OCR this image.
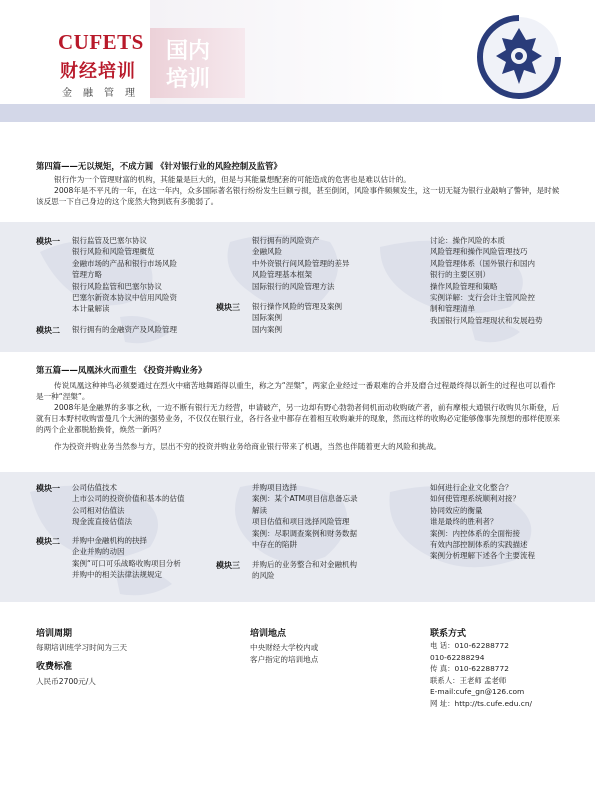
CUFETS
财经培训
金融管理
国内
培训
第四篇——无以规矩，不成方圆 《针对银行业的风险控制及监管》
银行作为一个管理财富的机构，其能量是巨大的，但是与其能量想配套的可能造成的危害也是难以估计的。
2008年是不平凡的一年，在这一年内，众多国际著名银行纷纷发生巨额亏损，甚至倒闭，风险事件频频发生，这一切无疑为银行业敲响了警钟，是时候该反思一下自己身边的这个庞然大物到底有多脆弱了。
模块一 银行监管及巴塞尔协议
银行风险和风险管理概览
金融市场的产品和银行市场风险
管理方略
银行风险监管和巴塞尔协议
巴塞尔新资本协议中信用风险资
本计量解读
模块二 银行拥有的金融资产及风险管理
银行拥有的风险资产
金融风险
中外资银行间风险管理的差异
风险管理基本框架
国际银行的风险管理方法
模块三 银行操作风险的管理及案例
国际案例
国内案例
讨论：操作风险的本质
风险管理和操作风险管理技巧
风险管理体系（国外银行和国内
银行的主要区别）
操作风险管理和策略
实例详解：支行会计主管风险控
制和管理清单
我国银行风险管理现状和发展趋势
第五篇——凤凰沐火而重生 《投资并购业务》
传说凤凰这种神鸟必须要通过在烈火中痛苦地舞蹈得以重生，称之为“涅槃”，两家企业经过一番艰难的合并及磨合过程最终得以新生的过程也可以看作是一种“涅槃”。
2008年是金融界的多事之秋，一边不断有银行无力经营，申请破产，另一边却有野心勃勃者伺机而动收购破产者，前有摩根大通银行收购贝尔斯登，后就有日本野村收购雷曼几个大洲的强势业务，不仅仅在银行业，各行各业中都存在着相互收购兼并的现象，然而这样的收购必定能够像事先预想的那样使原来的两个企业都脱胎换骨，焕然一新吗？
作为投资并购业务当然参与方，层出不穷的投资并购业务给商业银行带来了机遇，当然也伴随着更大的风险和挑战。
模块一 公司估值技术
上市公司的投资价值和基本的估值
公司相对估值法
现金流直接估值法
模块二 并购中金融机构的抉择
企业并购的动因
案例“可口可乐战略收购项目分析
并购中的相关法律法规规定
并购项目选择
案例：某个ATM项目信息备忘录
解读
项目估值和项目选择风险管理
案例：尽职调查案例和财务数据
中存在的陷阱
模块三 并购后的业务整合和对金融机构
的风险
如何进行企业文化整合？
如何使管理系统顺利对接？
协同效应的衡量
谁是最终的胜利者？
案例：内控体系的全面衔接
有效内部控制体系的实践描述
案例分析理解下述各个主要流程
培训周期
每期培训班学习时间为三天
收费标准
人民币2700元/人
培训地点
中央财经大学校内或
客户指定的培训地点
联系方式
电 话：010-62288772
010-62288294
传 真：010-62288772
联系人：王老师 孟老师
E-mail:cufe_gn@126.com
网 址：http://ts.cufe.edu.cn/
